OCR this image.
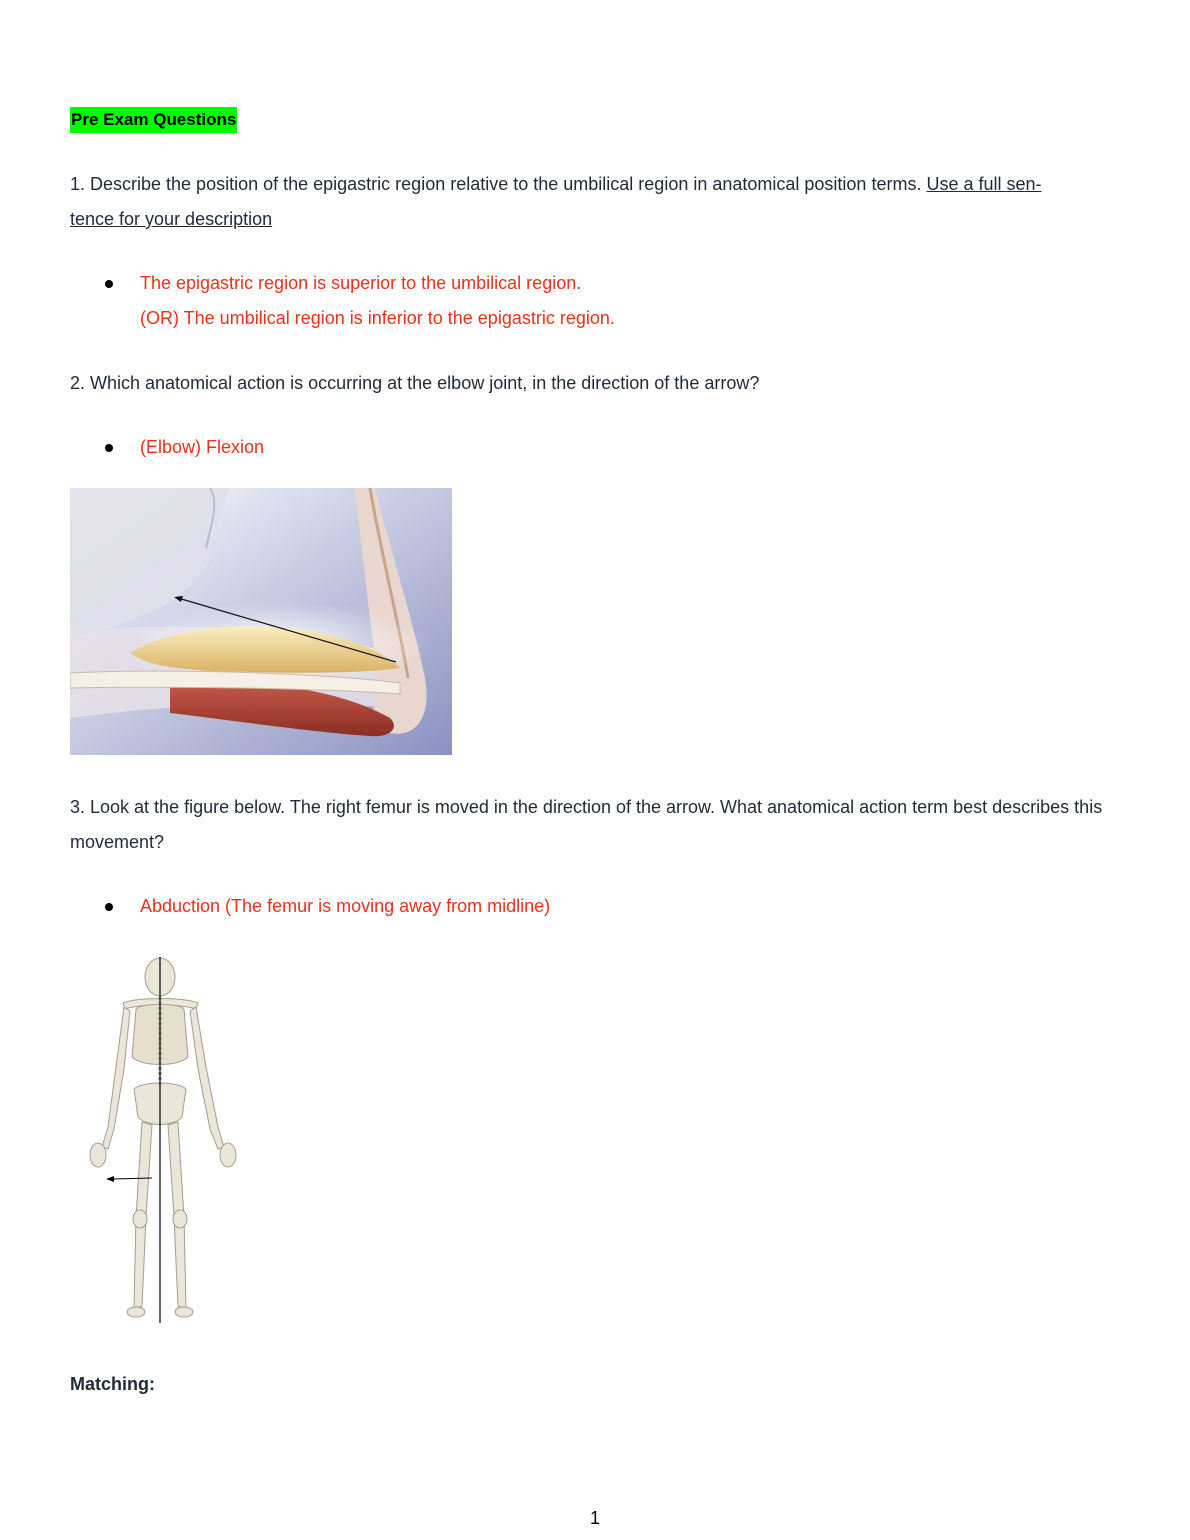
Pre Exam Questions
1. Describe the position of the epigastric region relative to the umbilical region in anatomical position terms. Use a full sen-
tence for your description
The epigastric region is superior to the umbilical region.
(OR) The umbilical region is inferior to the epigastric region.
2. Which anatomical action is occurring at the elbow joint, in the direction of the arrow?
(Elbow) Flexion
3. Look at the figure below. The right femur is moved in the direction of the arrow. What anatomical action term best describes this movement?
Abduction (The femur is moving away from midline)
Matching:
1
